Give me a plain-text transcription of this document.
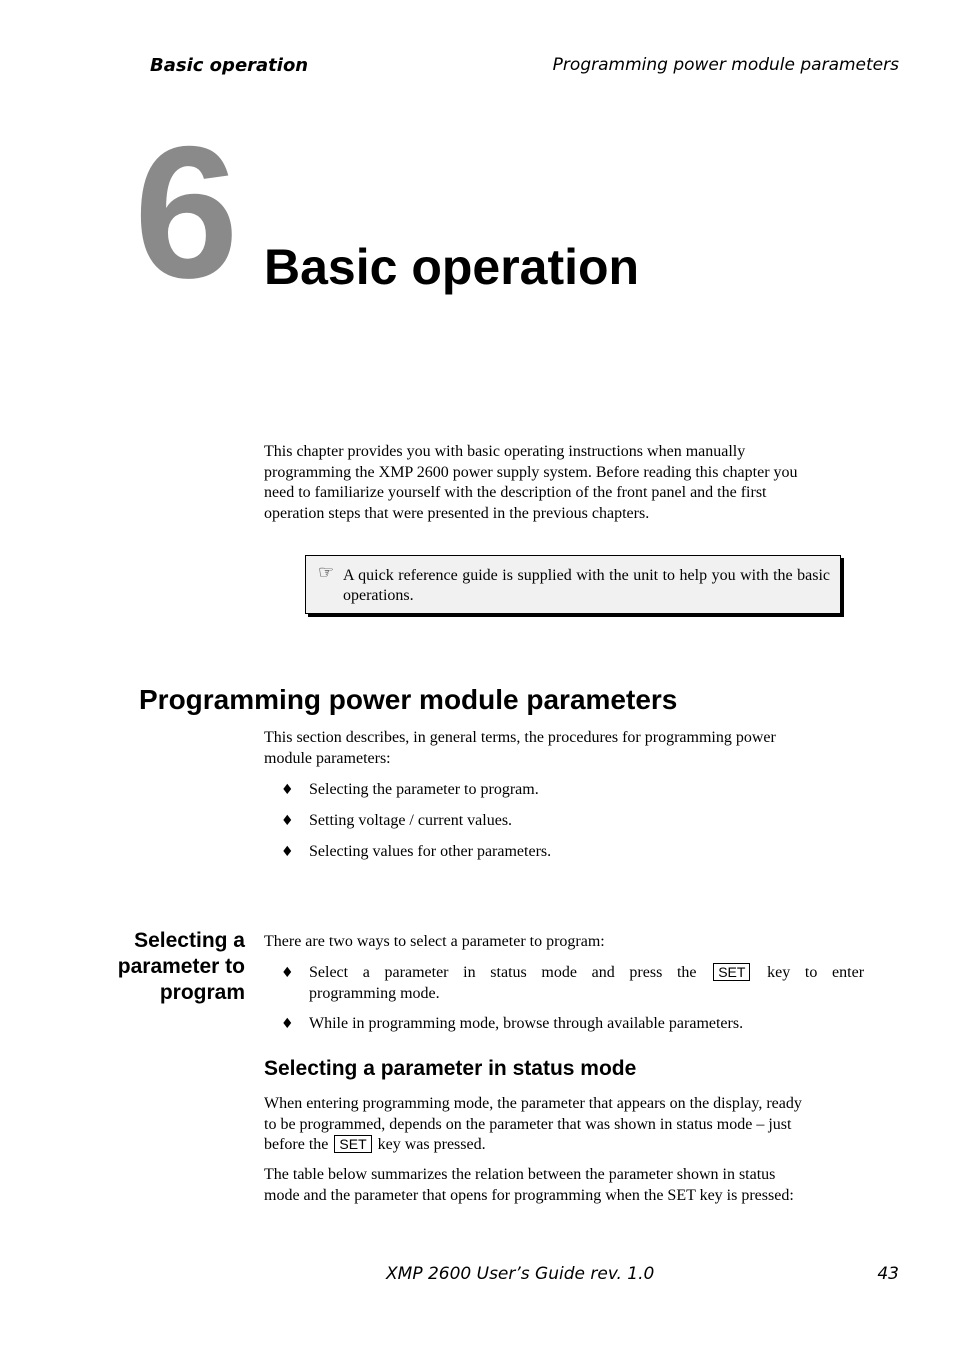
Basic operation	Programming power module parameters
6 Basic operation
This chapter provides you with basic operating instructions when manually
programming the XMP 2600 power supply system. Before reading this chapter you
need to familiarize yourself with the description of the front panel and the first
operation steps that were presented in the previous chapters.
☞ A quick reference guide is supplied with the unit to help you with the basic operations.
Programming power module parameters
This section describes, in general terms, the procedures for programming power
module parameters:
♦ Selecting the parameter to program.
♦ Setting voltage / current values.
♦ Selecting values for other parameters.
Selecting a
parameter to
program
There are two ways to select a parameter to program:
♦ Select a parameter in status mode and press the SET key to enter
programming mode.
♦ While in programming mode, browse through available parameters.
Selecting a parameter in status mode
When entering programming mode, the parameter that appears on the display, ready
to be programmed, depends on the parameter that was shown in status mode – just
before the SET key was pressed.
The table below summarizes the relation between the parameter shown in status
mode and the parameter that opens for programming when the SET key is pressed:
XMP 2600 User’s Guide rev. 1.0	43
